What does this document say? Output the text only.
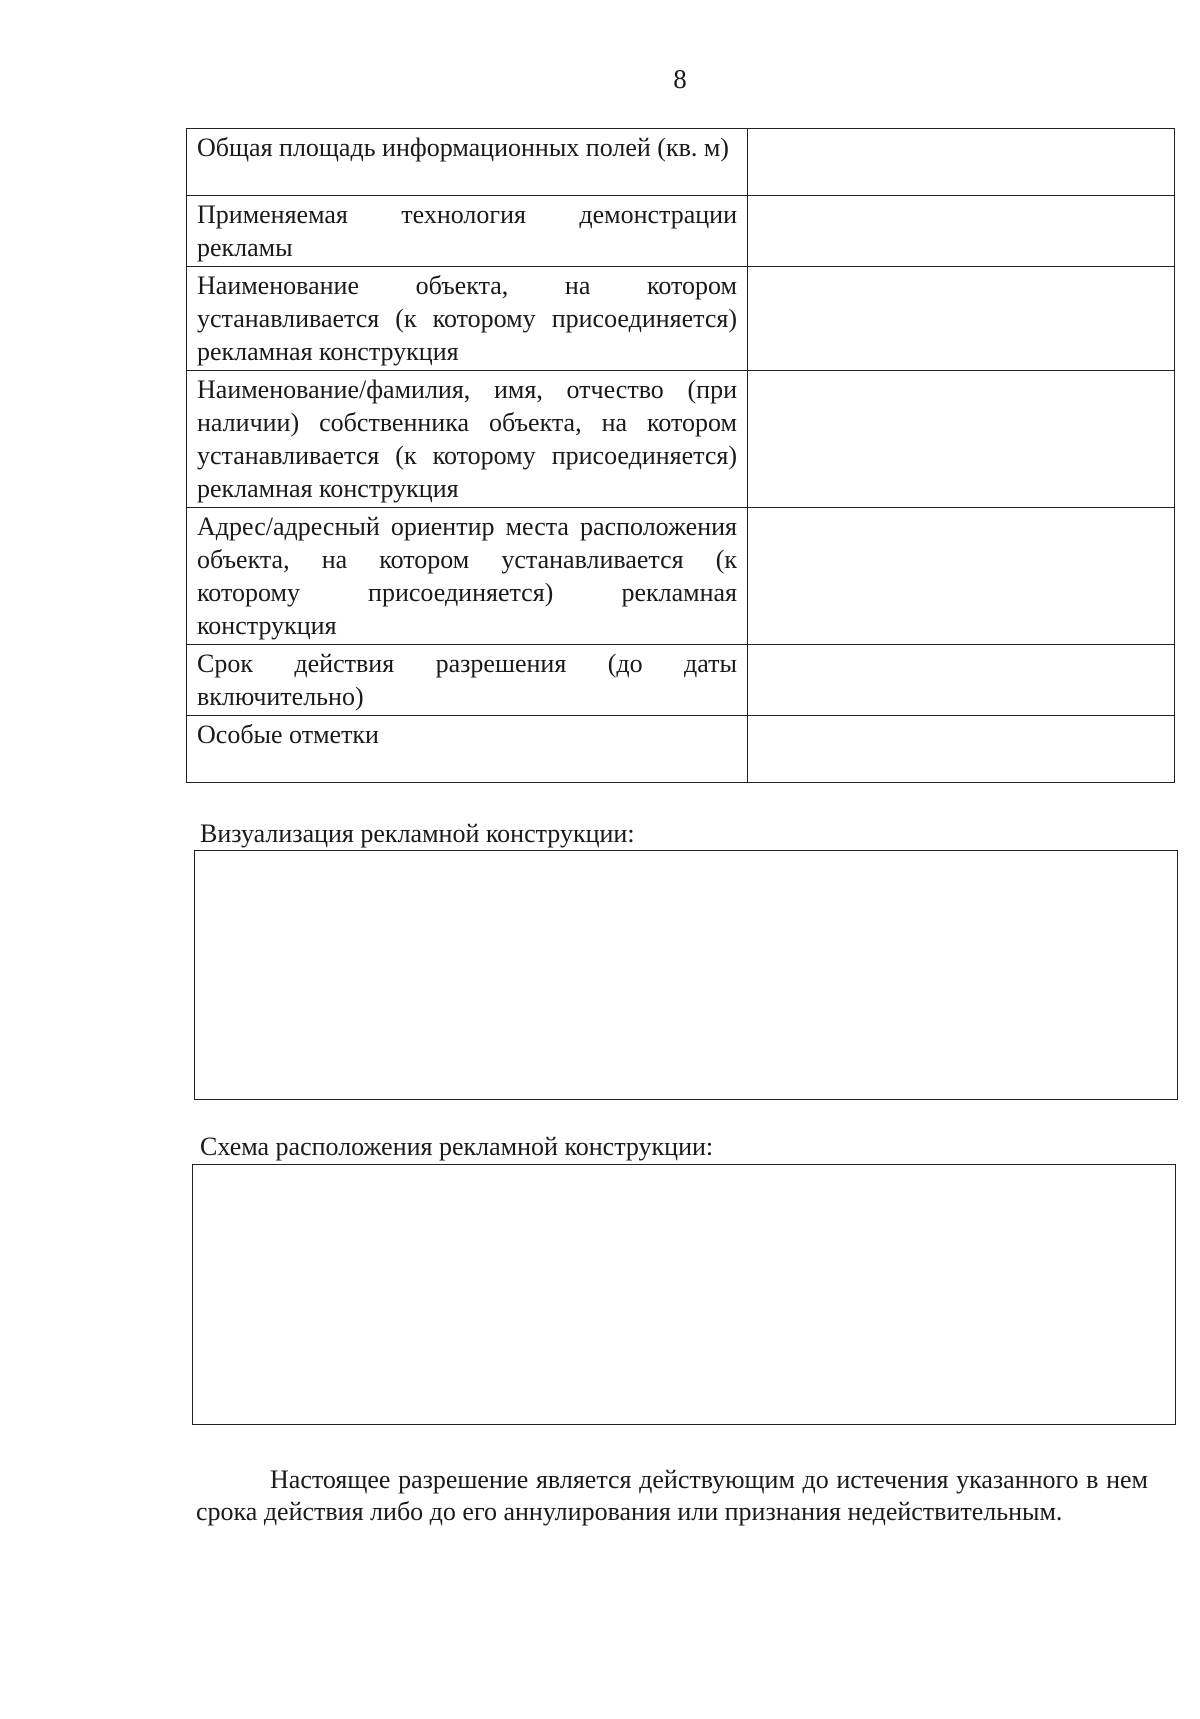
8
Общая площадь информационных полей (кв. м)	
Применяемая технология демонстрации рекламы	
Наименование объекта, на котором устанавливается (к которому присоединяется) рекламная конструкция	
Наименование/фамилия, имя, отчество (при наличии) собственника объекта, на котором устанавливается (к которому присоединяется) рекламная конструкция	
Адрес/адресный ориентир места расположения объекта, на котором устанавливается (к которому присоединяется) рекламная конструкция	
Срок действия разрешения (до даты включительно)	
Особые отметки	
Визуализация рекламной конструкции:
Схема расположения рекламной конструкции:
Настоящее разрешение является действующим до истечения указанного в нем срока действия либо до его аннулирования или признания недействительным.
